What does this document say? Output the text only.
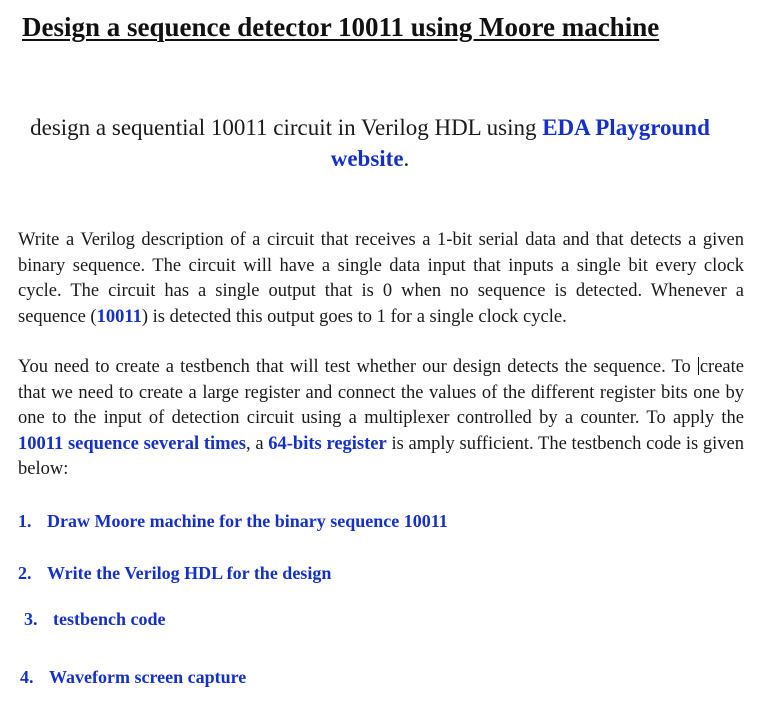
Design a sequence detector 10011 using Moore machine

design a sequential 10011 circuit in Verilog HDL using EDA Playground website.

Write a Verilog description of a circuit that receives a 1-bit serial data and that detects a given binary sequence. The circuit will have a single data input that inputs a single bit every clock cycle. The circuit has a single output that is 0 when no sequence is detected. Whenever a sequence (10011) is detected this output goes to 1 for a single clock cycle.

You need to create a testbench that will test whether our design detects the sequence. To create that we need to create a large register and connect the values of the different register bits one by one to the input of detection circuit using a multiplexer controlled by a counter. To apply the 10011 sequence several times, a 64-bits register is amply sufficient. The testbench code is given below:

1. Draw Moore machine for the binary sequence 10011
2. Write the Verilog HDL for the design
3. testbench code
4. Waveform screen capture
